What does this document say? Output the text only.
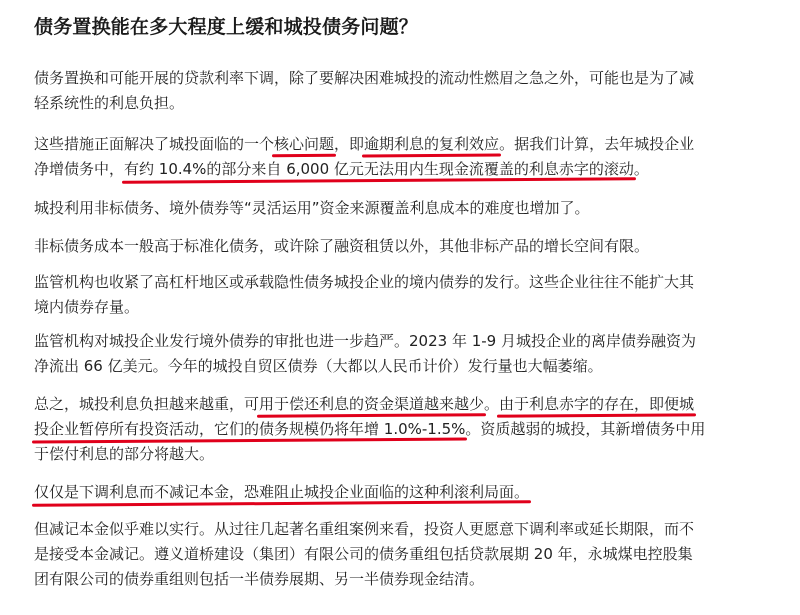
债务置换能在多大程度上缓和城投债务问题？

债务置换和可能开展的贷款利率下调，除了要解决困难城投的流动性燃眉之急之外，可能也是为了减
轻系统性的利息负担。

这些措施正面解决了城投面临的一个核心问题，即逾期利息的复利效应。据我们计算，去年城投企业
净增债务中，有约 10.4%的部分来自 6,000 亿元无法用内生现金流覆盖的利息赤字的滚动。

城投利用非标债务、境外债券等“灵活运用”资金来源覆盖利息成本的难度也增加了。

非标债务成本一般高于标准化债务，或许除了融资租赁以外，其他非标产品的增长空间有限。

监管机构也收紧了高杠杆地区或承载隐性债务城投企业的境内债券的发行。这些企业往往不能扩大其
境内债券存量。

监管机构对城投企业发行境外债券的审批也进一步趋严。2023 年 1-9 月城投企业的离岸债券融资为
净流出 66 亿美元。今年的城投自贸区债券（大都以人民币计价）发行量也大幅萎缩。

总之，城投利息负担越来越重，可用于偿还利息的资金渠道越来越少。由于利息赤字的存在，即便城
投企业暂停所有投资活动，它们的债务规模仍将年增 1.0%-1.5%。资质越弱的城投，其新增债务中用
于偿付利息的部分将越大。

仅仅是下调利息而不减记本金，恐难阻止城投企业面临的这种利滚利局面。

但减记本金似乎难以实行。从过往几起著名重组案例来看，投资人更愿意下调利率或延长期限，而不
是接受本金减记。遵义道桥建设（集团）有限公司的债务重组包括贷款展期 20 年，永城煤电控股集
团有限公司的债券重组则包括一半债券展期、另一半债券现金结清。
